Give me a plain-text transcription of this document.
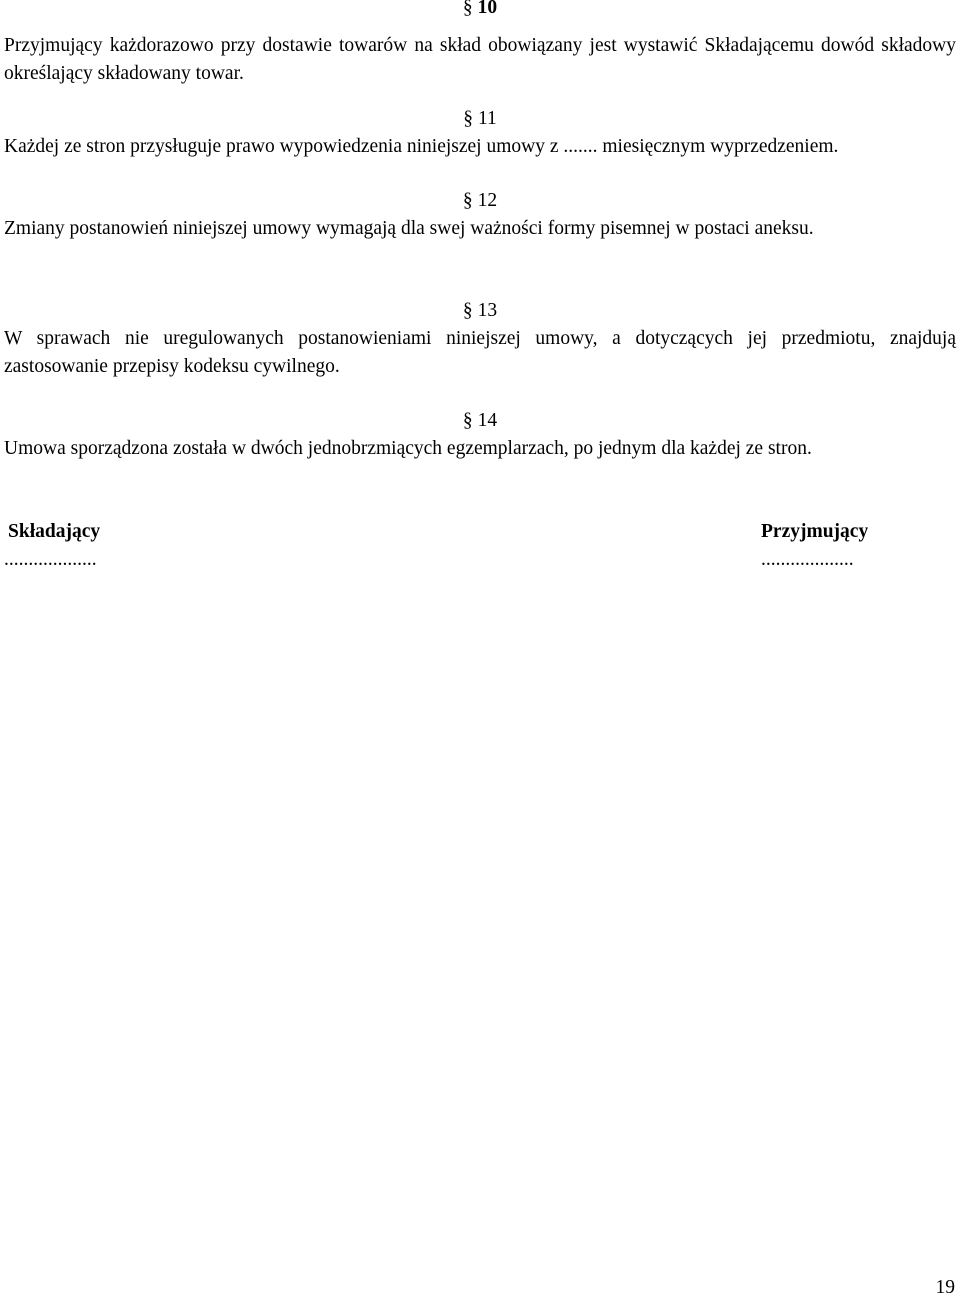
§ 10

Przyjmujący każdorazowo przy dostawie towarów na skład obowiązany jest wystawić Składającemu dowód składowy określający składowany towar.

§ 11

Każdej ze stron przysługuje prawo wypowiedzenia niniejszej umowy z ....... miesięcznym wyprzedzeniem.

§ 12

Zmiany postanowień niniejszej umowy wymagają dla swej ważności formy pisemnej w postaci aneksu.

§ 13

W sprawach nie uregulowanych postanowieniami niniejszej umowy, a dotyczących jej przedmiotu, znajdują zastosowanie przepisy kodeksu cywilnego.

§ 14

Umowa sporządzona została w dwóch jednobrzmiących egzemplarzach, po jednym dla każdej ze stron.

Składający
...................
Przyjmujący
...................
19
